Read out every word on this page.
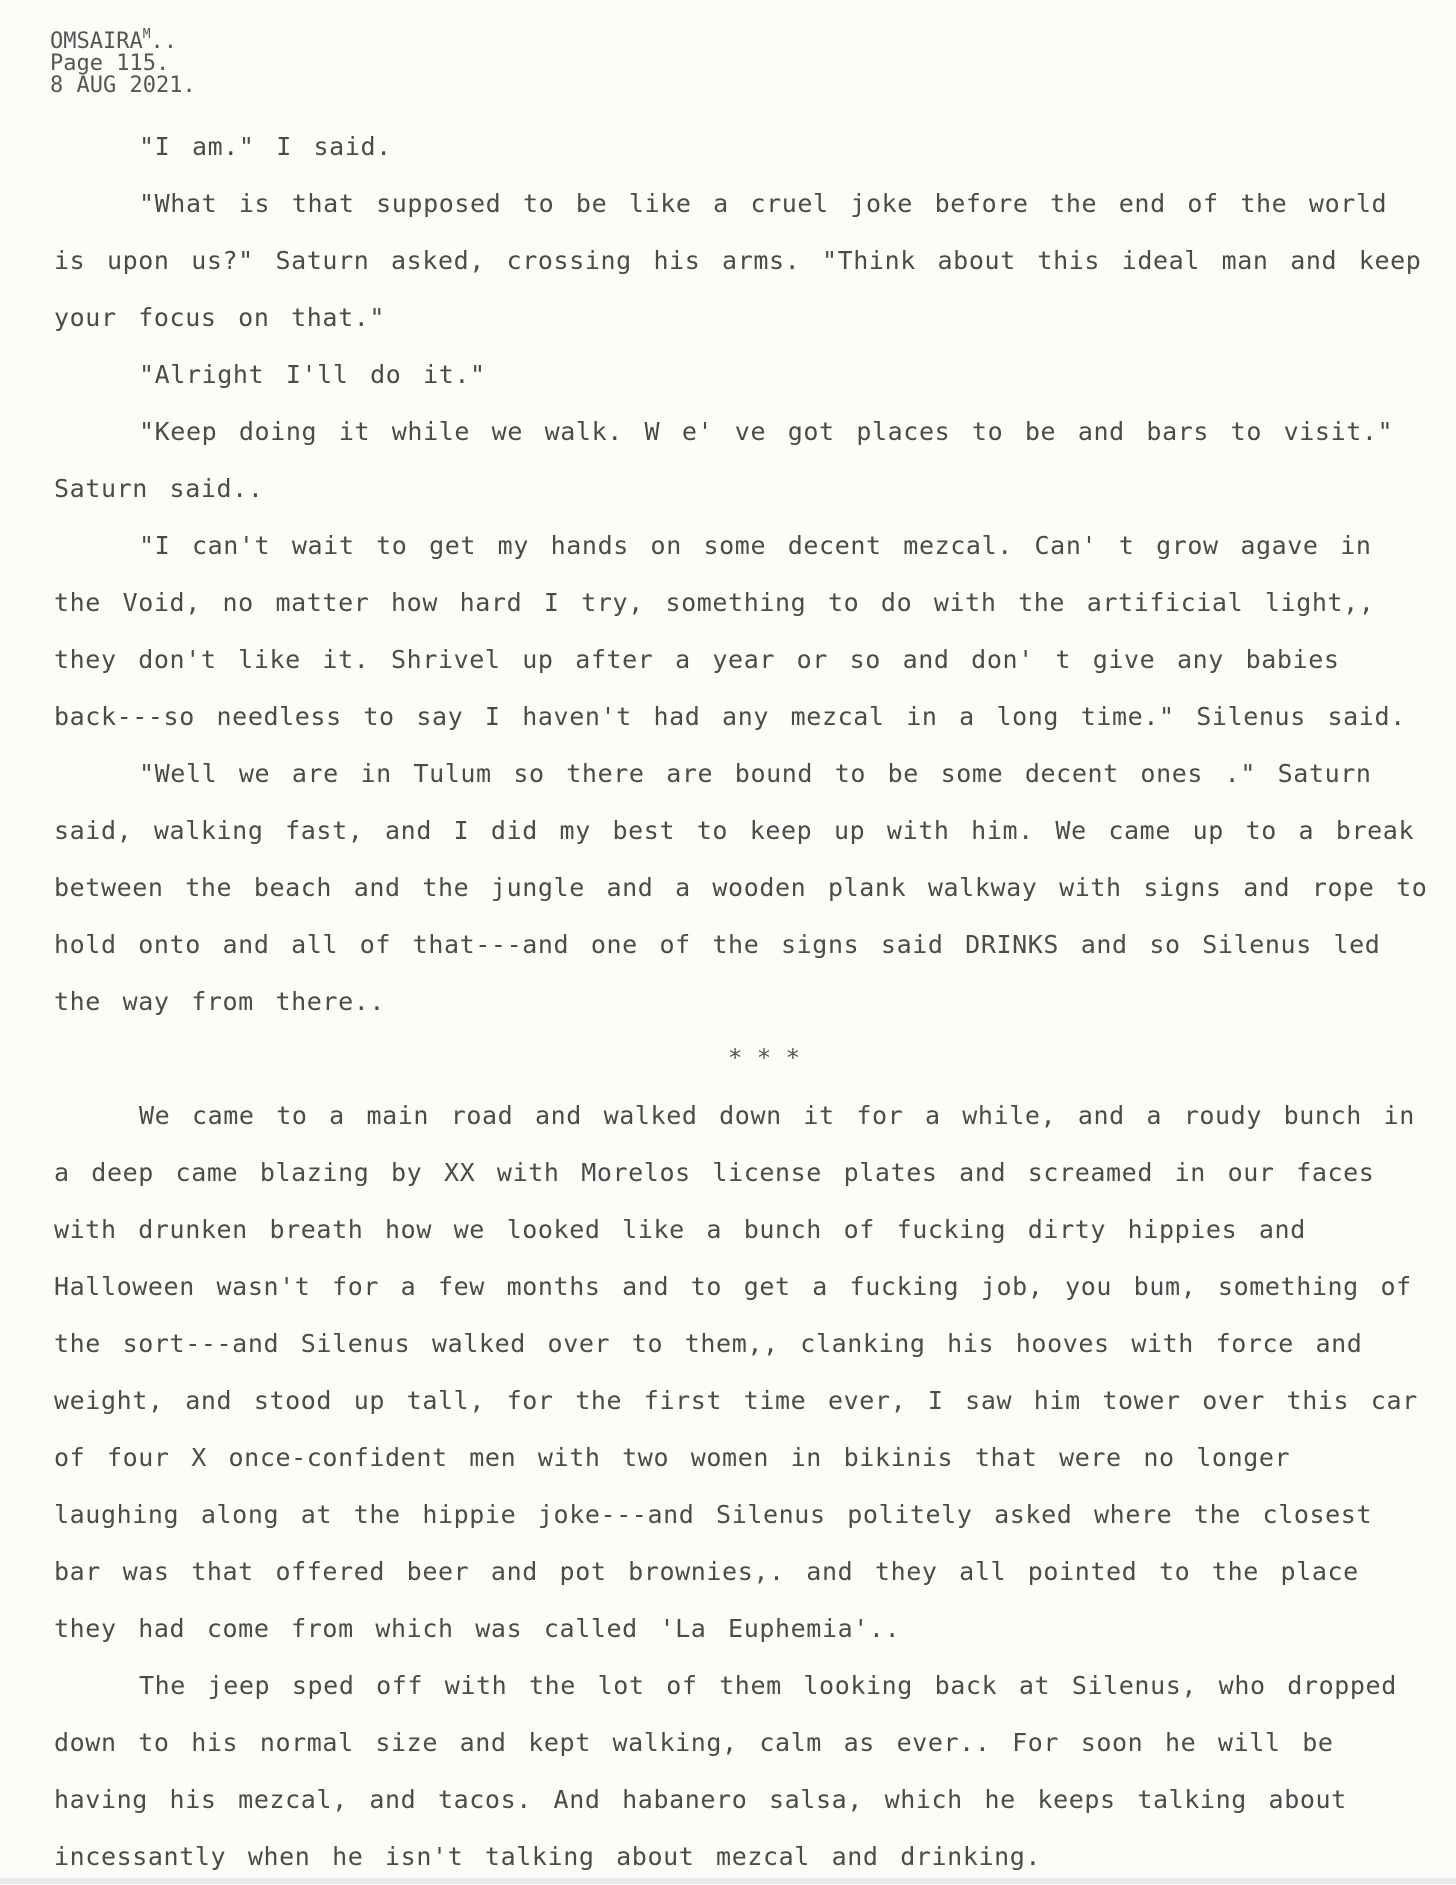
$OMSAIRA^M$..
Page 115.
8 AUG 2021.

"I am." I said.

"What is that supposed to be like a cruel joke before the end of the world is upon us?" Saturn asked, crossing his arms. "Think about this ideal man and keep your focus on that."

"Alright I'll do it."

"Keep doing it while we walk. W e' ve got places to be and bars to visit." Saturn said..

"I can't wait to get my hands on some decent mezcal. Can' t grow agave in the Void, no matter how hard I try, something to do with the artificial light,, they don't like it. Shrivel up after a year or so and don' t give any babies back---so needless to say I haven't had any mezcal in a long time." Silenus said.

"Well we are in Tulum so there are bound to be some decent ones ." Saturn said, walking fast, and I did my best to keep up with him. We came up to a break between the beach and the jungle and a wooden plank walkway with signs and rope to hold onto and all of that---and one of the signs said DRINKS and so Silenus led the way from there..

* * *

We came to a main road and walked down it for a while, and a roudy bunch in a deep came blazing by XX with Morelos license plates and screamed in our faces with drunken breath how we looked like a bunch of fucking dirty hippies and Halloween wasn't for a few months and to get a fucking job, you bum, something of the sort---and Silenus walked over to them,, clanking his hooves with force and weight, and stood up tall, for the first time ever, I saw him tower over this car of four X once-confident men with two women in bikinis that were no longer laughing along at the hippie joke---and Silenus politely asked where the closest bar was that offered beer and pot brownies,. and they all pointed to the place they had come from which was called 'La Euphemia'..

The jeep sped off with the lot of them looking back at Silenus, who dropped down to his normal size and kept walking, calm as ever.. For soon he will be having his mezcal, and tacos. And habanero salsa, which he keeps talking about incessantly when he isn't talking about mezcal and drinking.
